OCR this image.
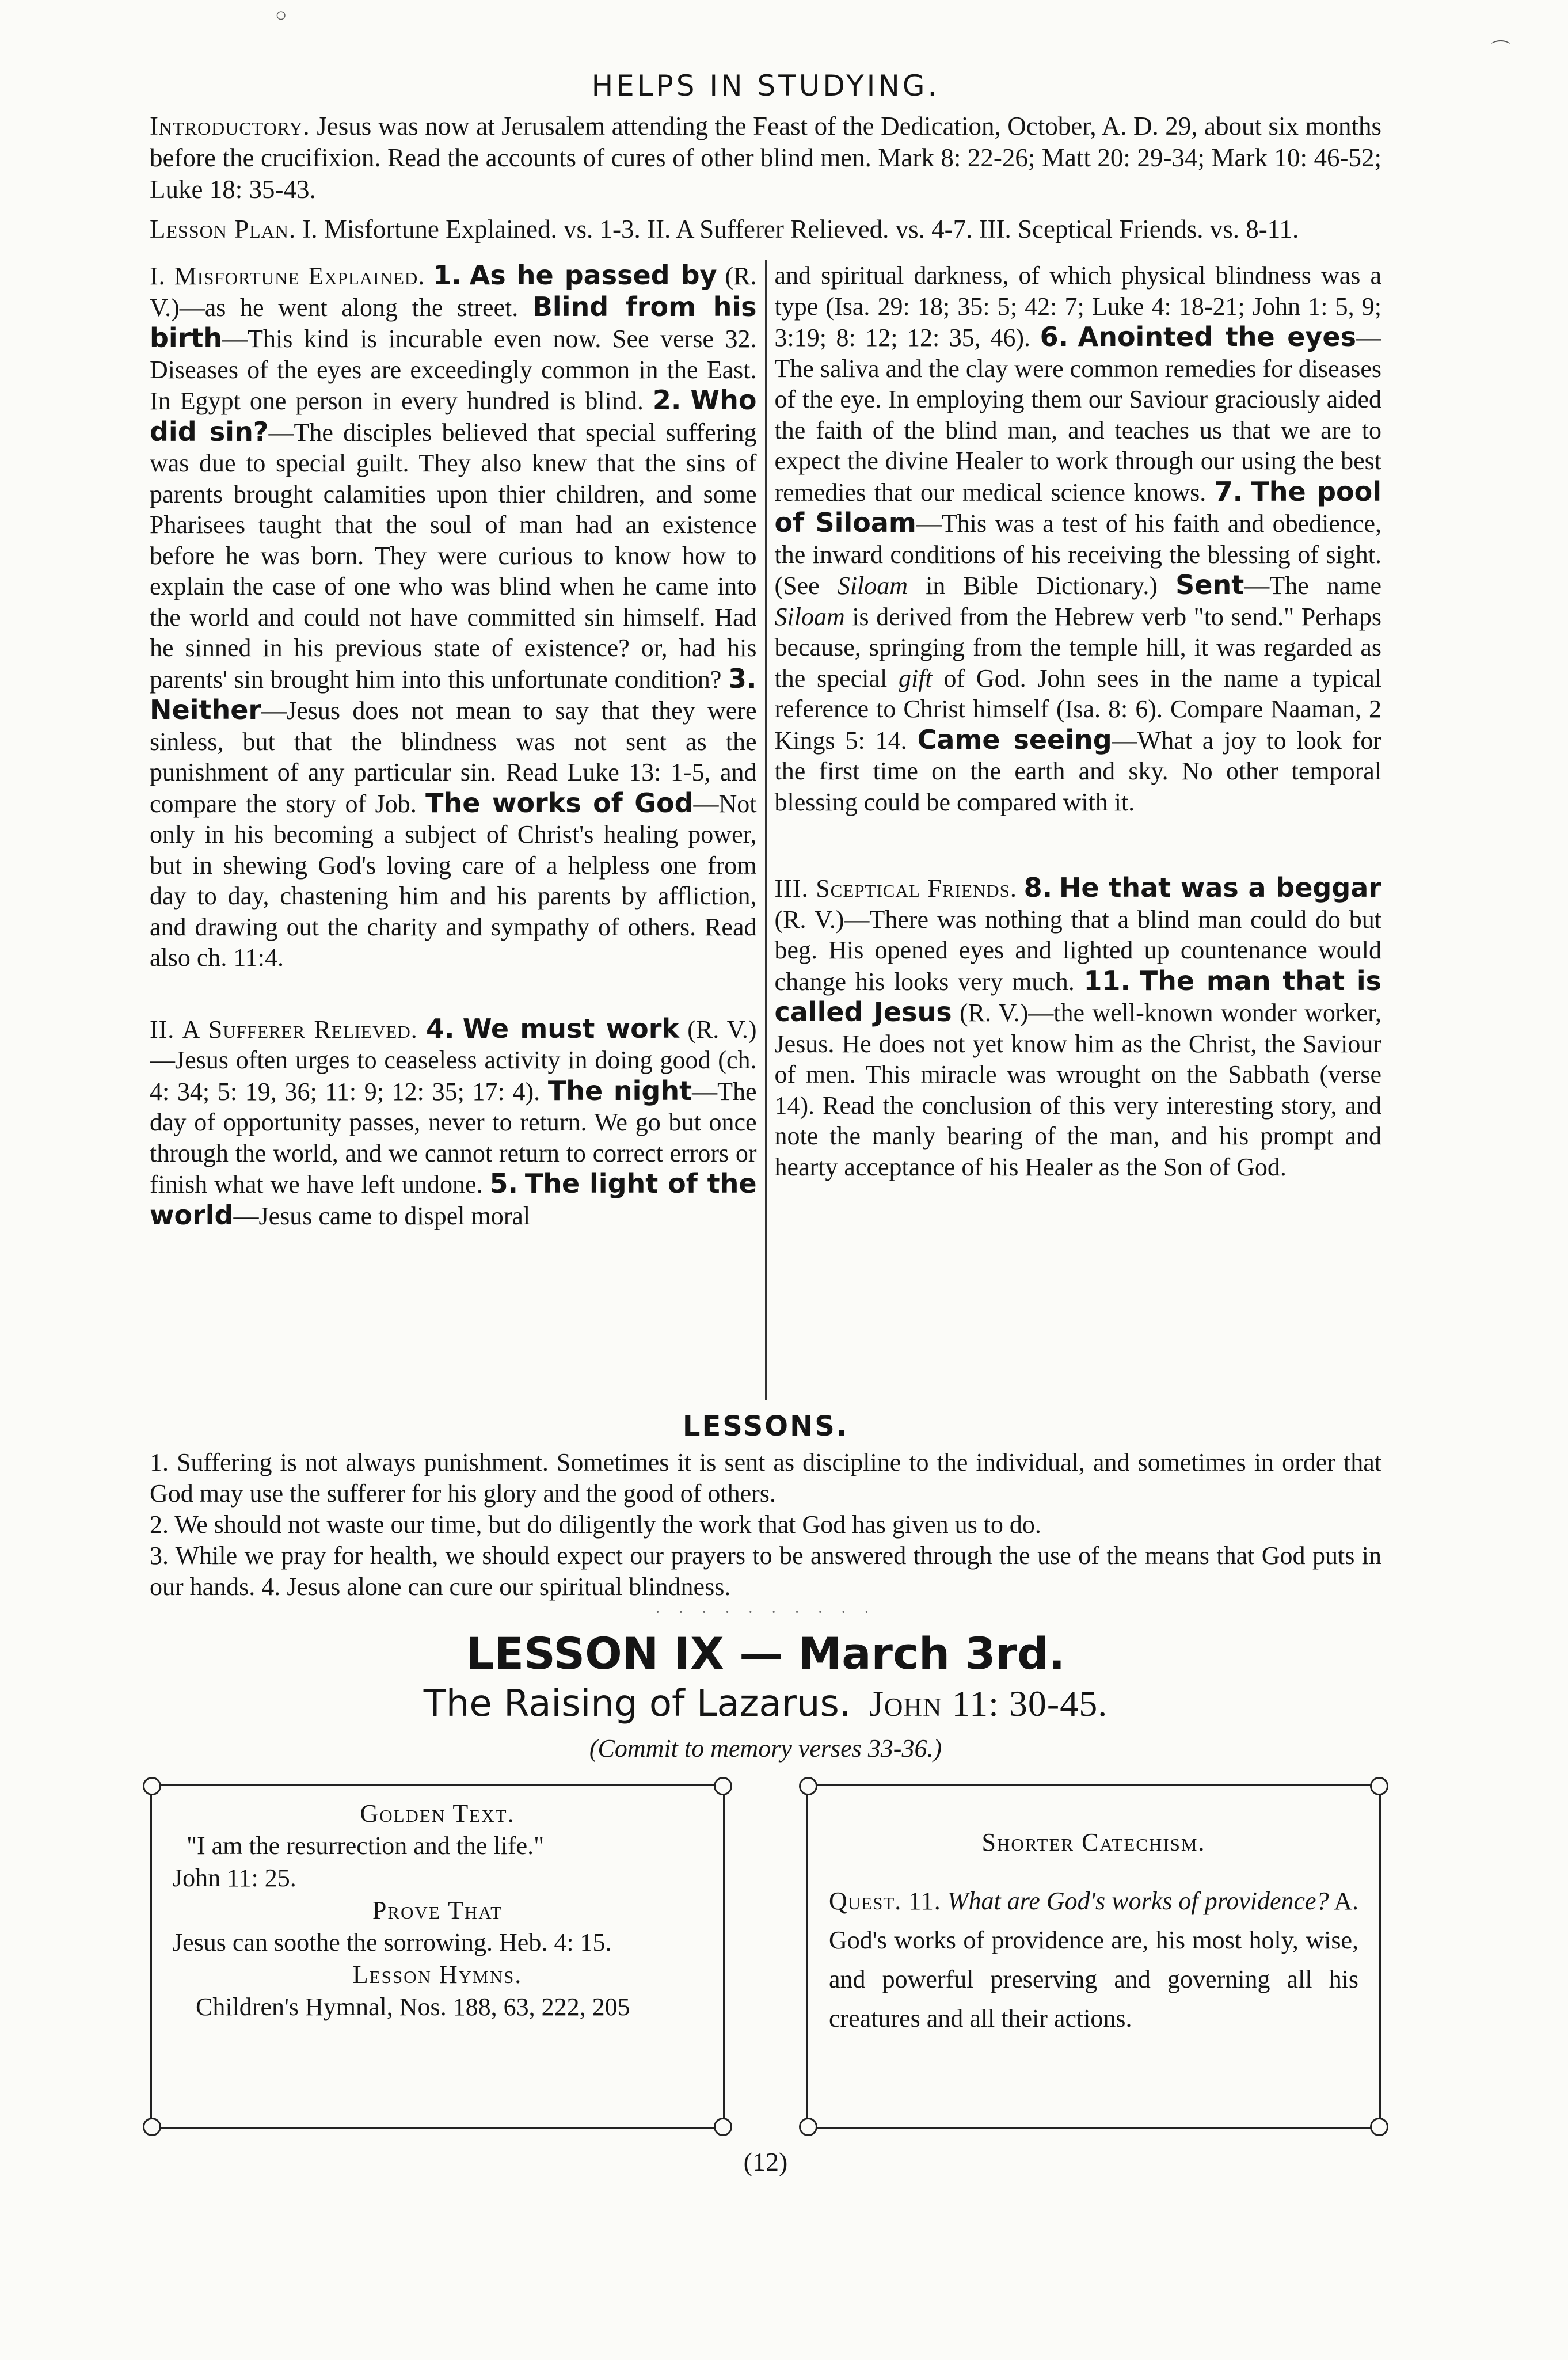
○
⌒
HELPS IN STUDYING.

Introductory. Jesus was now at Jerusalem attending the Feast of the Dedication, October, A. D. 29, about six months before the crucifixion. Read the accounts of cures of other blind men. Mark 8: 22-26; Matt 20: 29-34; Mark 10: 46-52; Luke 18: 35-43.

Lesson Plan. I. Misfortune Explained. vs. 1-3. II. A Sufferer Relieved. vs. 4-7. III. Sceptical Friends. vs. 8-11.

I. Misfortune Explained. 1. As he passed by (R. V.)—as he went along the street. Blind from his birth—This kind is incurable even now. See verse 32. Diseases of the eyes are exceedingly common in the East. In Egypt one person in every hundred is blind. 2. Who did sin?—The disciples believed that special suffering was due to special guilt. They also knew that the sins of parents brought calamities upon thier children, and some Pharisees taught that the soul of man had an existence before he was born. They were curious to know how to explain the case of one who was blind when he came into the world and could not have committed sin himself. Had he sinned in his previous state of existence? or, had his parents' sin brought him into this unfortunate condition? 3. Neither—Jesus does not mean to say that they were sinless, but that the blindness was not sent as the punishment of any particular sin. Read Luke 13: 1-5, and compare the story of Job. The works of God—Not only in his becoming a subject of Christ's healing power, but in shewing God's loving care of a helpless one from day to day, chastening him and his parents by affliction, and drawing out the charity and sympathy of others. Read also ch. 11:4.

II. A Sufferer Relieved. 4. We must work (R. V.)—Jesus often urges to ceaseless activity in doing good (ch. 4: 34; 5: 19, 36; 11: 9; 12: 35; 17: 4). The night—The day of opportunity passes, never to return. We go but once through the world, and we cannot return to correct errors or finish what we have left undone. 5. The light of the world—Jesus came to dispel moral

and spiritual darkness, of which physical blindness was a type (Isa. 29: 18; 35: 5; 42: 7; Luke 4: 18-21; John 1: 5, 9; 3:19; 8: 12; 12: 35, 46). 6. Anointed the eyes—The saliva and the clay were common remedies for diseases of the eye. In employing them our Saviour graciously aided the faith of the blind man, and teaches us that we are to expect the divine Healer to work through our using the best remedies that our medical science knows. 7. The pool of Siloam—This was a test of his faith and obedience, the inward conditions of his receiving the blessing of sight. (See Siloam in Bible Dictionary.) Sent—The name Siloam is derived from the Hebrew verb "to send." Perhaps because, springing from the temple hill, it was regarded as the special gift of God. John sees in the name a typical reference to Christ himself (Isa. 8: 6). Compare Naaman, 2 Kings 5: 14. Came seeing—What a joy to look for the first time on the earth and sky. No other temporal blessing could be compared with it.

III. Sceptical Friends. 8. He that was a beggar (R. V.)—There was nothing that a blind man could do but beg. His opened eyes and lighted up countenance would change his looks very much. 11. The man that is called Jesus (R. V.)—the well-known wonder worker, Jesus. He does not yet know him as the Christ, the Saviour of men. This miracle was wrought on the Sabbath (verse 14). Read the conclusion of this very interesting story, and note the manly bearing of the man, and his prompt and hearty acceptance of his Healer as the Son of God.

LESSONS.

1. Suffering is not always punishment. Sometimes it is sent as discipline to the individual, and sometimes in order that God may use the sufferer for his glory and the good of others.

2. We should not waste our time, but do diligently the work that God has given us to do.

3. While we pray for health, we should expect our prayers to be answered through the use of the means that God puts in our hands. 4. Jesus alone can cure our spiritual blindness.

· · · · · · · · · ·
LESSON IX — March 3rd.
The Raising of Lazarus. John 11: 30-45.
(Commit to memory verses 33-36.)
Golden Text.
"I am the resurrection and the life."
John 11: 25.
Prove That
Jesus can soothe the sorrowing. Heb. 4: 15.
Lesson Hymns.
Children's Hymnal, Nos. 188, 63, 222, 205
Shorter Catechism.
Quest. 11. What are God's works of providence? A. God's works of providence are, his most holy, wise, and powerful preserving and governing all his creatures and all their actions.
(12)
